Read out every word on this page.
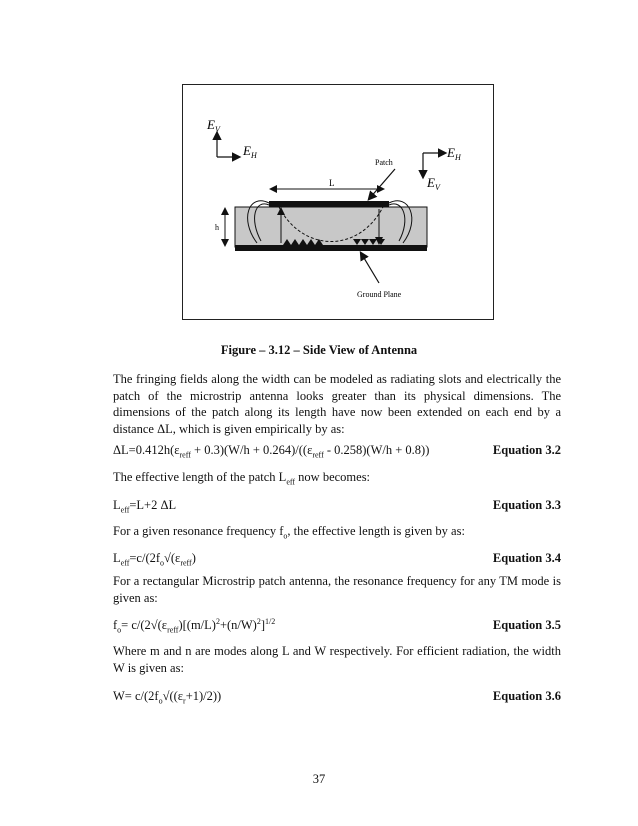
$E_V$
$E_H$	$E_H$
$E_V$
Patch
L
h
Ground Plane
Figure – 3.12 – Side View of Antenna
The fringing fields along the width can be modeled as radiating slots and electrically the patch of the microstrip antenna looks greater than its physical dimensions. The dimensions of the patch along its length have now been extended on each end by a distance ΔL, which is given empirically by as:
$\Delta L=0.412h(\varepsilon_{reff} + 0.3)(W/h + 0.264)/((\varepsilon_{reff} - 0.258)(W/h + 0.8))$	Equation 3.2
The effective length of the patch $L_{eff}$ now becomes:
$L_{eff}=L+2$ ΔL	Equation 3.3
For a given resonance frequency $f_o$, the effective length is given by as:
$L_{eff}=c/(2f_o√(\varepsilon_{reff})$	Equation 3.4
For a rectangular Microstrip patch antenna, the resonance frequency for any TM mode is given as:
$f_o= c/(2√(\varepsilon_{reff})[(m/L)^2+(n/W)^2]^{1/2}$	Equation 3.5
Where m and n are modes along L and W respectively. For efficient radiation, the width W is given as:
$W= c/(2f_o√((\varepsilon_r+1)/2))$	Equation 3.6
37
